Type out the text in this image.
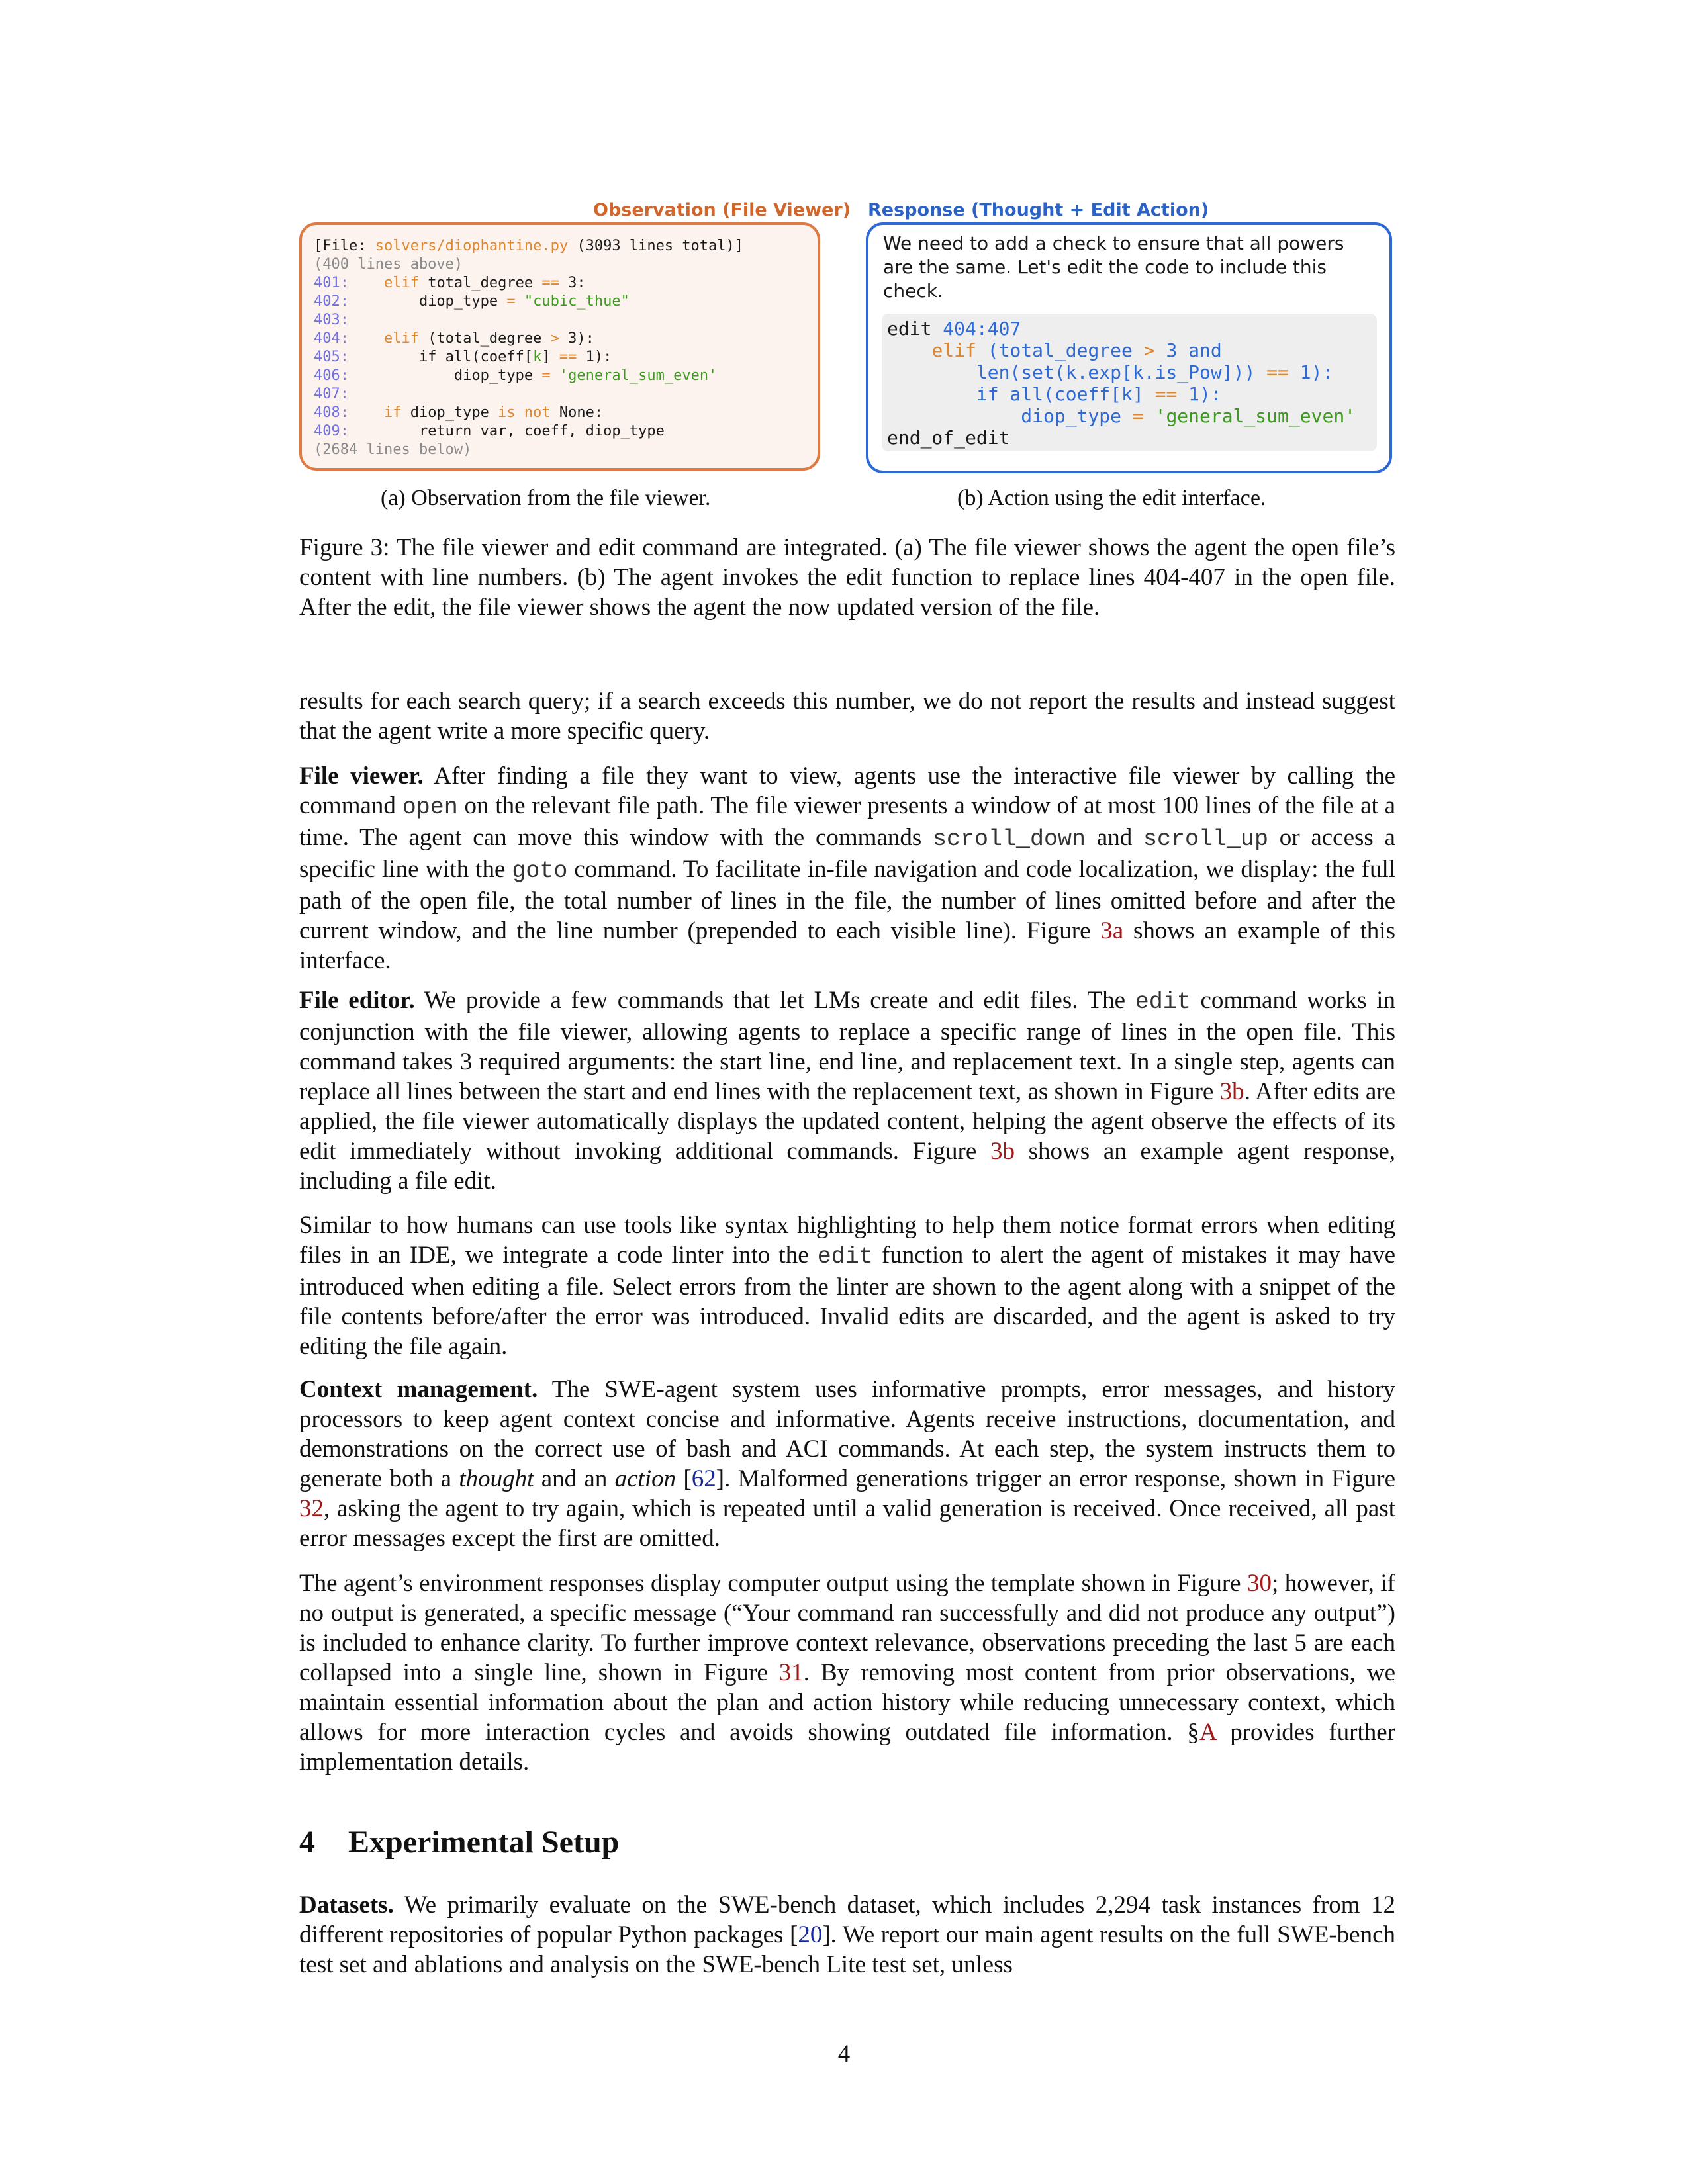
Observation (File Viewer) Response (Thought + Edit Action)
[File: solvers/diophantine.py (3093 lines total)]
(400 lines above)
401: elif total_degree == 3:
402:        diop_type = "cubic_thue"
403:
404: elif (total_degree > 3):
405:        if all(coeff[k] == 1):
406:            diop_type = 'general_sum_even'
407:
408: if diop_type is not None:
409:	return var, coeff, diop_type
(2684 lines below)

We need to add a check to ensure that all powers are the same. Let's edit the code to include this check.

edit 404:407
elif (total_degree > 3 and
len(set(k.exp[k.is_Pow])) == 1):
if all(coeff[k] == 1):
diop_type = 'general_sum_even'
end_of_edit
(a) Observation from the file viewer.	(b) Action using the edit interface.
Figure 3: The file viewer and edit command are integrated. (a) The file viewer shows the agent the open file’s content with line numbers. (b) The agent invokes the edit function to replace lines 404-407 in the open file. After the edit, the file viewer shows the agent the now updated version of the file.

results for each search query; if a search exceeds this number, we do not report the results and instead suggest that the agent write a more specific query.

File viewer. After finding a file they want to view, agents use the interactive file viewer by calling the command open on the relevant file path. The file viewer presents a window of at most 100 lines of the file at a time. The agent can move this window with the commands scroll_down and scroll_up or access a specific line with the goto command. To facilitate in-file navigation and code localization, we display: the full path of the open file, the total number of lines in the file, the number of lines omitted before and after the current window, and the line number (prepended to each visible line). Figure 3a shows an example of this interface.

File editor. We provide a few commands that let LMs create and edit files. The edit command works in conjunction with the file viewer, allowing agents to replace a specific range of lines in the open file. This command takes 3 required arguments: the start line, end line, and replacement text. In a single step, agents can replace all lines between the start and end lines with the replacement text, as shown in Figure 3b. After edits are applied, the file viewer automatically displays the updated content, helping the agent observe the effects of its edit immediately without invoking additional commands. Figure 3b shows an example agent response, including a file edit.

Similar to how humans can use tools like syntax highlighting to help them notice format errors when editing files in an IDE, we integrate a code linter into the edit function to alert the agent of mistakes it may have introduced when editing a file. Select errors from the linter are shown to the agent along with a snippet of the file contents before/after the error was introduced. Invalid edits are discarded, and the agent is asked to try editing the file again.

Context management. The SWE-agent system uses informative prompts, error messages, and history processors to keep agent context concise and informative. Agents receive instructions, documentation, and demonstrations on the correct use of bash and ACI commands. At each step, the system instructs them to generate both a thought and an action [62]. Malformed generations trigger an error response, shown in Figure 32, asking the agent to try again, which is repeated until a valid generation is received. Once received, all past error messages except the first are omitted.

The agent’s environment responses display computer output using the template shown in Figure 30; however, if no output is generated, a specific message (“Your command ran successfully and did not produce any output”) is included to enhance clarity. To further improve context relevance, observations preceding the last 5 are each collapsed into a single line, shown in Figure 31. By removing most content from prior observations, we maintain essential information about the plan and action history while reducing unnecessary context, which allows for more interaction cycles and avoids showing outdated file information. §A provides further implementation details.

4 Experimental Setup

Datasets. We primarily evaluate on the SWE-bench dataset, which includes 2,294 task instances from 12 different repositories of popular Python packages [20]. We report our main agent results on the full SWE-bench test set and ablations and analysis on the SWE-bench Lite test set, unless

4
